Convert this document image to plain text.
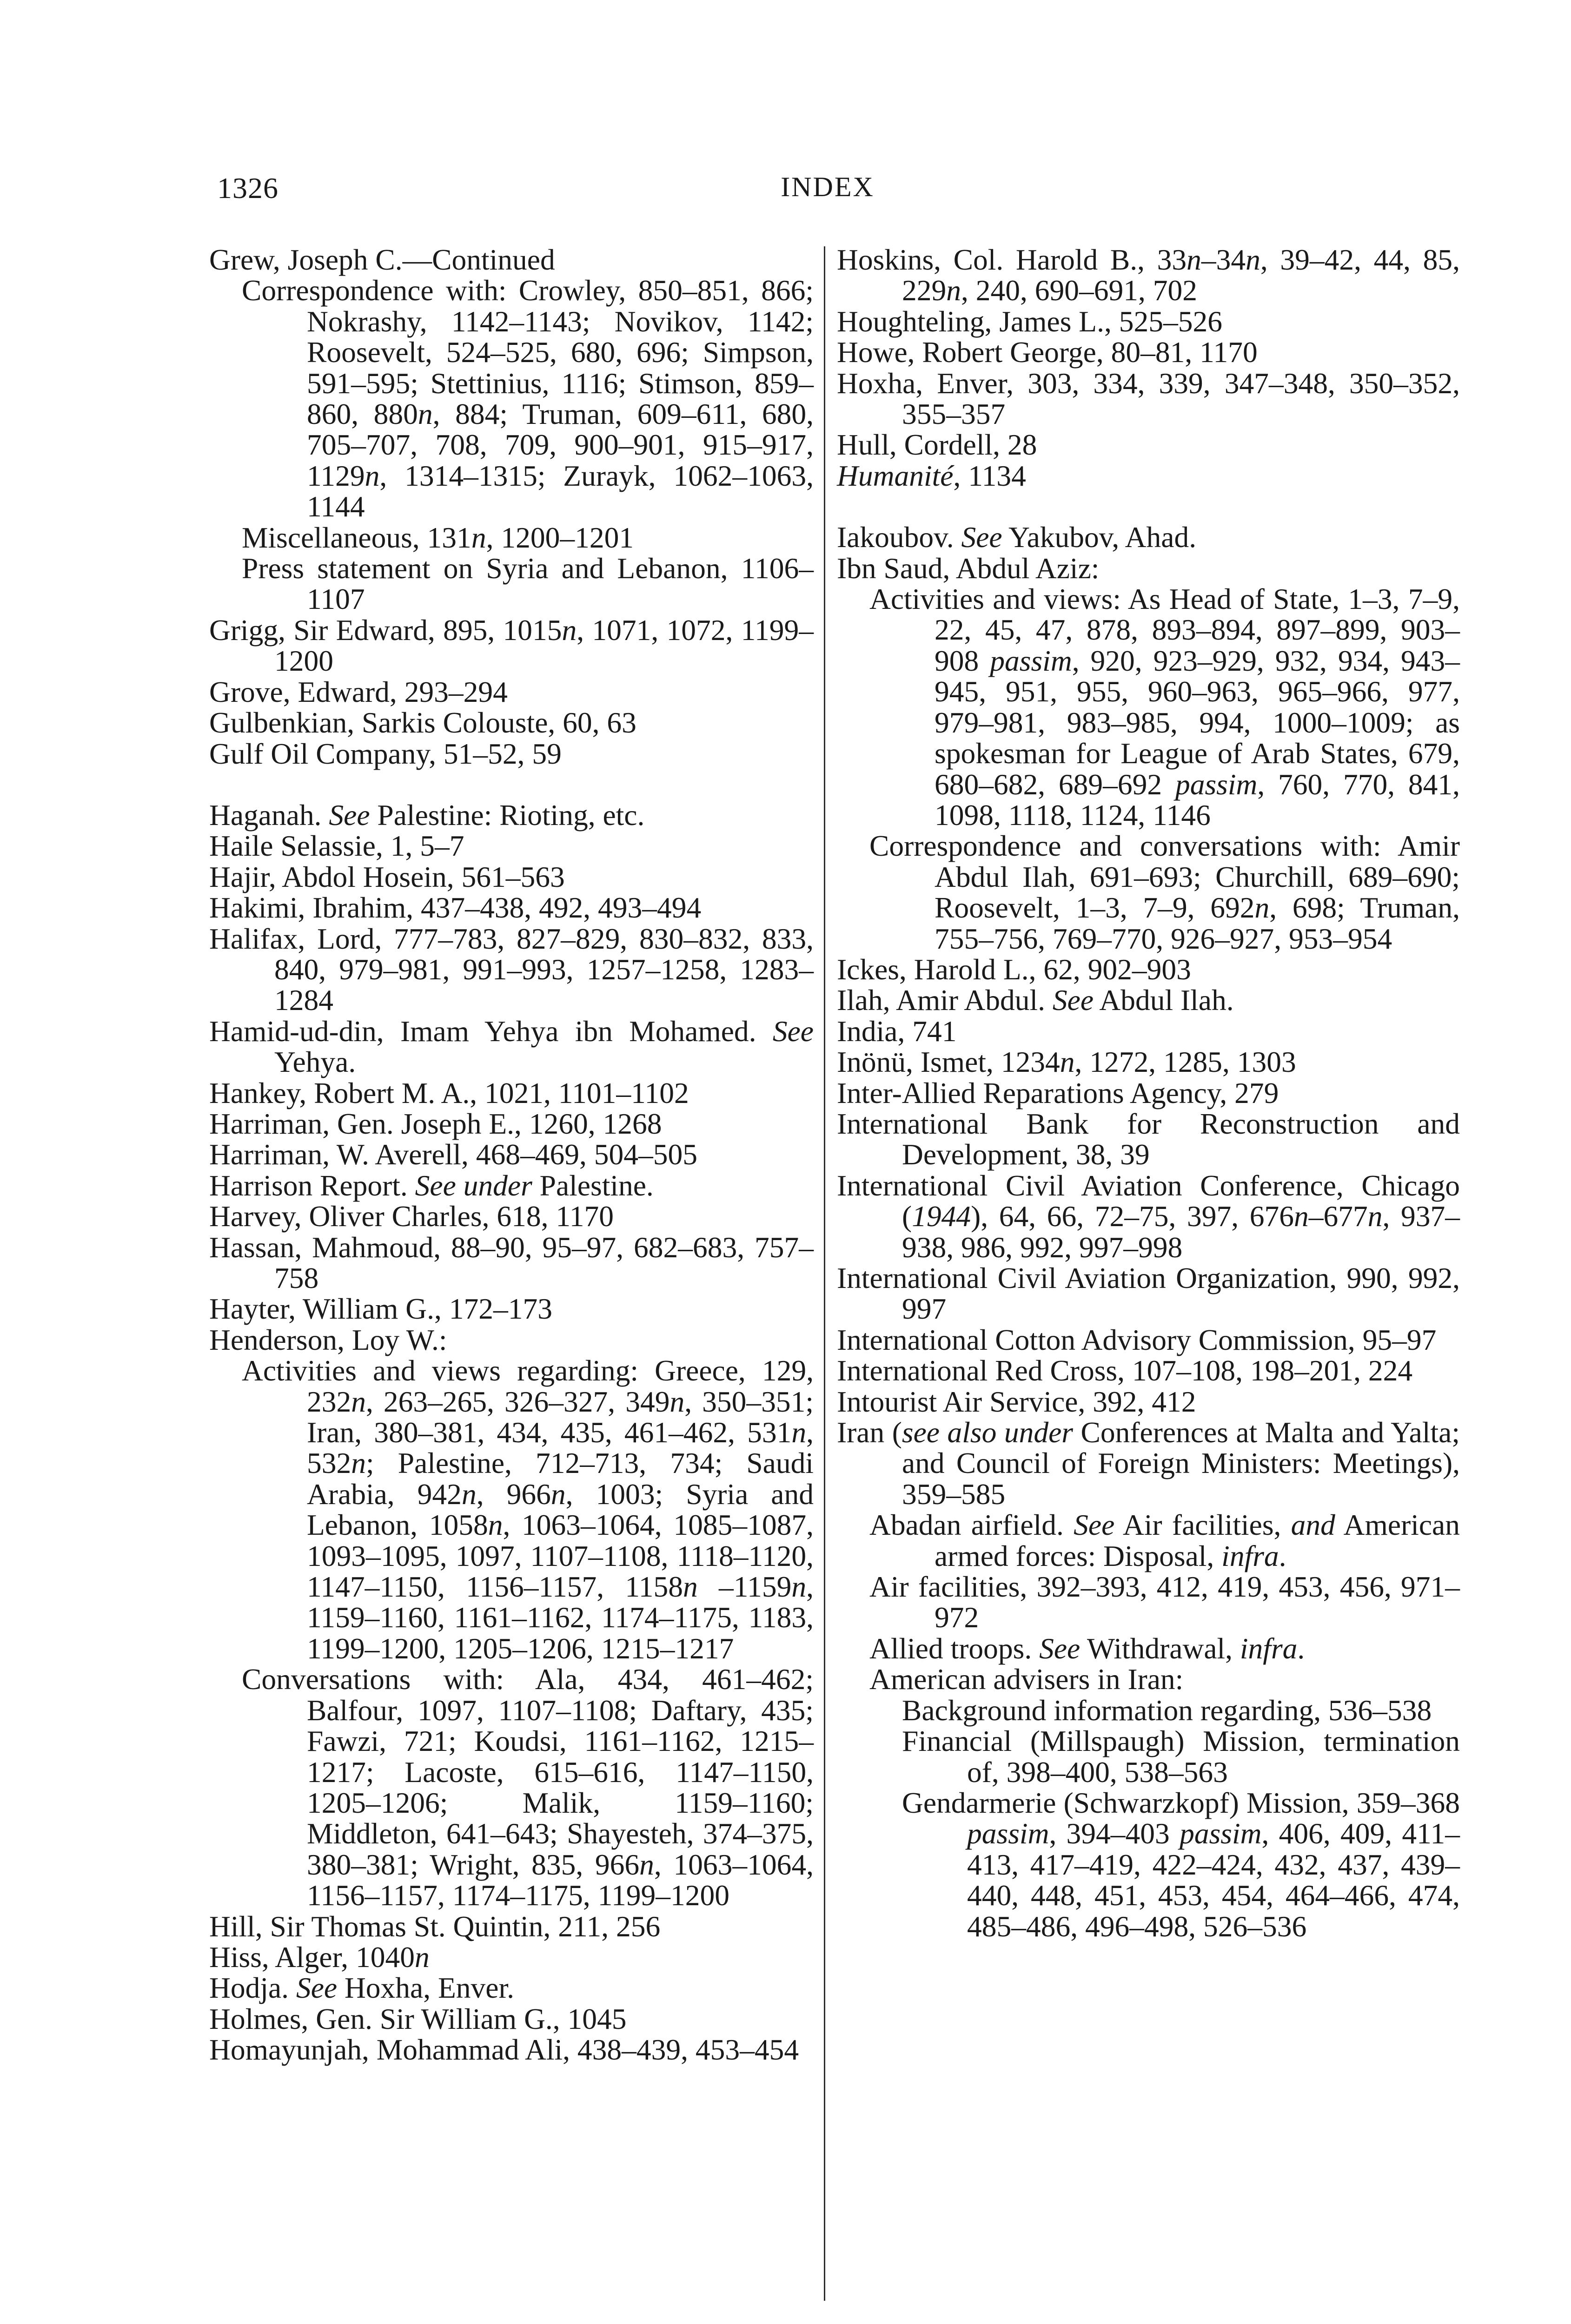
1326	INDEX
Grew, Joseph C.—Continued
Correspondence with: Crowley, 850–851, 866; Nokrashy, 1142–1143; Novikov, 1142; Roosevelt, 524–525, 680, 696; Simpson, 591–595; Stettinius, 1116; Stimson, 859–860, 880n, 884; Truman, 609–611, 680, 705–707, 708, 709, 900–901, 915–917, 1129n, 1314–1315; Zurayk, 1062–1063, 1144
Miscellaneous, 131n, 1200–1201
Press statement on Syria and Lebanon, 1106–1107
Grigg, Sir Edward, 895, 1015n, 1071, 1072, 1199–1200
Grove, Edward, 293–294
Gulbenkian, Sarkis Colouste, 60, 63
Gulf Oil Company, 51–52, 59
Haganah. See Palestine: Rioting, etc.
Haile Selassie, 1, 5–7
Hajir, Abdol Hosein, 561–563
Hakimi, Ibrahim, 437–438, 492, 493–494
Halifax, Lord, 777–783, 827–829, 830–832, 833, 840, 979–981, 991–993, 1257–1258, 1283–1284
Hamid-ud-din, Imam Yehya ibn Mohamed. See Yehya.
Hankey, Robert M. A., 1021, 1101–1102
Harriman, Gen. Joseph E., 1260, 1268
Harriman, W. Averell, 468–469, 504–505
Harrison Report. See under Palestine.
Harvey, Oliver Charles, 618, 1170
Hassan, Mahmoud, 88–90, 95–97, 682–683, 757–758
Hayter, William G., 172–173
Henderson, Loy W.:
Activities and views regarding: Greece, 129, 232n, 263–265, 326–327, 349n, 350–351; Iran, 380–381, 434, 435, 461–462, 531n, 532n; Palestine, 712–713, 734; Saudi Arabia, 942n, 966n, 1003; Syria and Lebanon, 1058n, 1063–1064, 1085–1087, 1093–1095, 1097, 1107–1108, 1118–1120, 1147–1150, 1156–1157, 1158n –1159n, 1159–1160, 1161–1162, 1174–1175, 1183, 1199–1200, 1205–1206, 1215–1217
Conversations with: Ala, 434, 461–462; Balfour, 1097, 1107–1108; Daftary, 435; Fawzi, 721; Koudsi, 1161–1162, 1215–1217; Lacoste, 615–616, 1147–1150, 1205–1206; Malik, 1159–1160; Middleton, 641–643; Shayesteh, 374–375, 380–381; Wright, 835, 966n, 1063–1064, 1156–1157, 1174–1175, 1199–1200
Hill, Sir Thomas St. Quintin, 211, 256
Hiss, Alger, 1040n
Hodja. See Hoxha, Enver.
Holmes, Gen. Sir William G., 1045
Homayunjah, Mohammad Ali, 438–439, 453–454
Hoskins, Col. Harold B., 33n–34n, 39–42, 44, 85, 229n, 240, 690–691, 702
Houghteling, James L., 525–526
Howe, Robert George, 80–81, 1170
Hoxha, Enver, 303, 334, 339, 347–348, 350–352, 355–357
Hull, Cordell, 28
Humanité, 1134
Iakoubov. See Yakubov, Ahad.
Ibn Saud, Abdul Aziz:
Activities and views: As Head of State, 1–3, 7–9, 22, 45, 47, 878, 893–894, 897–899, 903–908 passim, 920, 923–929, 932, 934, 943–945, 951, 955, 960–963, 965–966, 977, 979–981, 983–985, 994, 1000–1009; as spokesman for League of Arab States, 679, 680–682, 689–692 passim, 760, 770, 841, 1098, 1118, 1124, 1146
Correspondence and conversations with: Amir Abdul Ilah, 691–693; Churchill, 689–690; Roosevelt, 1–3, 7–9, 692n, 698; Truman, 755–756, 769–770, 926–927, 953–954
Ickes, Harold L., 62, 902–903
Ilah, Amir Abdul. See Abdul Ilah.
India, 741
Inönü, Ismet, 1234n, 1272, 1285, 1303
Inter-Allied Reparations Agency, 279
International Bank for Reconstruction and Development, 38, 39
International Civil Aviation Conference, Chicago (1944), 64, 66, 72–75, 397, 676n–677n, 937–938, 986, 992, 997–998
International Civil Aviation Organization, 990, 992, 997
International Cotton Advisory Commission, 95–97
International Red Cross, 107–108, 198–201, 224
Intourist Air Service, 392, 412
Iran (see also under Conferences at Malta and Yalta; and Council of Foreign Ministers: Meetings), 359–585
Abadan airfield. See Air facilities, and American armed forces: Disposal, infra.
Air facilities, 392–393, 412, 419, 453, 456, 971–972
Allied troops. See Withdrawal, infra.
American advisers in Iran:
Background information regarding, 536–538
Financial (Millspaugh) Mission, termination of, 398–400, 538–563
Gendarmerie (Schwarzkopf) Mission, 359–368 passim, 394–403 passim, 406, 409, 411–413, 417–419, 422–424, 432, 437, 439–440, 448, 451, 453, 454, 464–466, 474, 485–486, 496–498, 526–536
